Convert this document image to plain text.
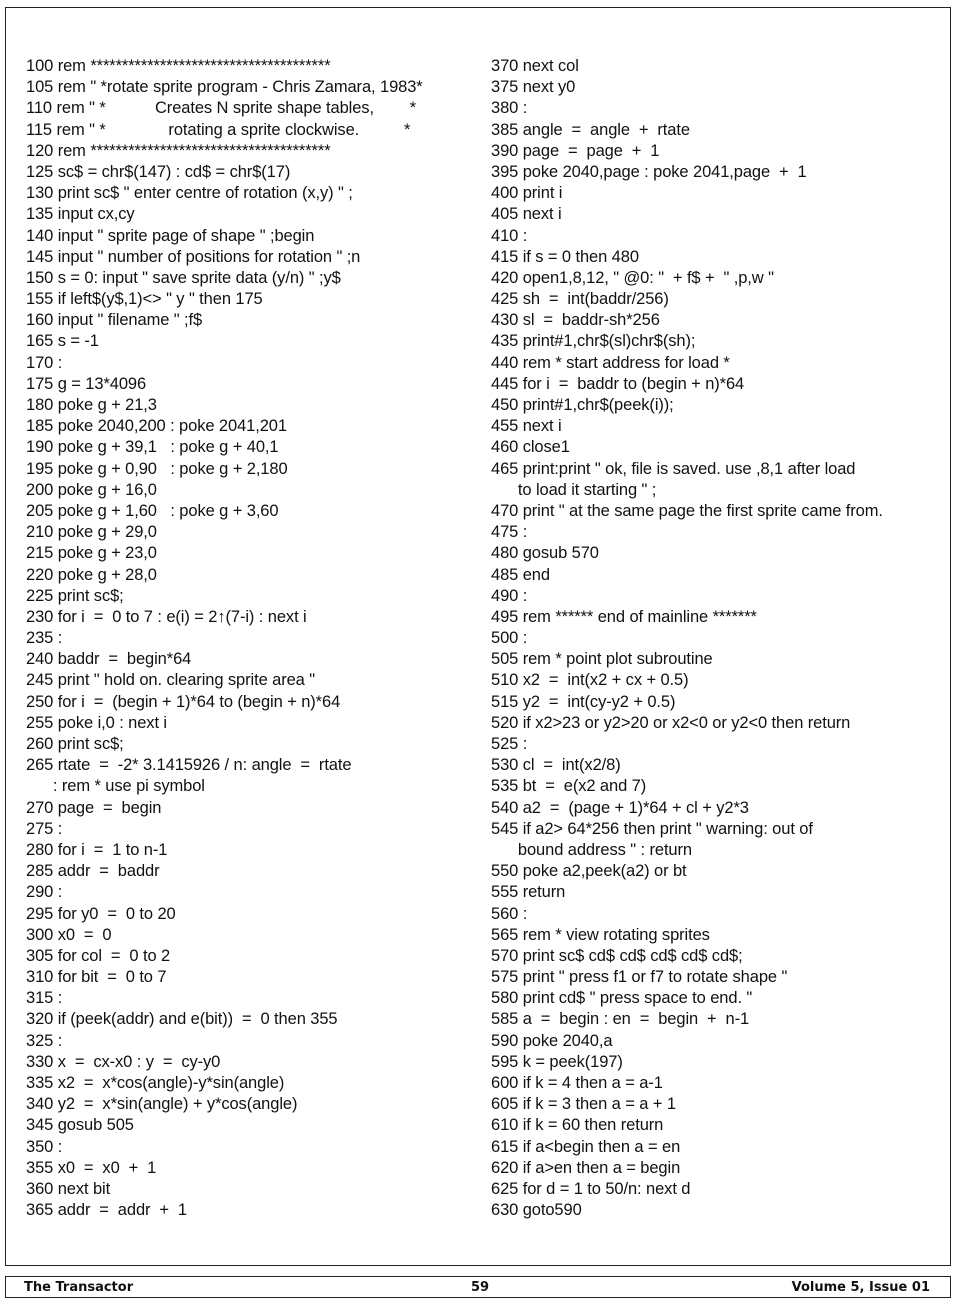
100 rem **************************************
105 rem " *rotate sprite program - Chris Zamara, 1983*
110 rem " *           Creates N sprite shape tables,        *
115 rem " *              rotating a sprite clockwise.          *
120 rem **************************************
125 sc$ = chr$(147) : cd$ = chr$(17)
130 print sc$ " enter centre of rotation (x,y) " ;
135 input cx,cy
140 input " sprite page of shape " ;begin
145 input " number of positions for rotation " ;n
150 s = 0: input " save sprite data (y/n) " ;y$
155 if left$(y$,1)<> " y " then 175
160 input " filename " ;f$
165 s = -1
170 :
175 g = 13*4096
180 poke g + 21,3
185 poke 2040,200 : poke 2041,201
190 poke g + 39,1   : poke g + 40,1
195 poke g + 0,90   : poke g + 2,180
200 poke g + 16,0
205 poke g + 1,60   : poke g + 3,60
210 poke g + 29,0
215 poke g + 23,0
220 poke g + 28,0
225 print sc$;
230 for i  =  0 to 7 : e(i) = 2↑(7-i) : next i
235 :
240 baddr  =  begin*64
245 print " hold on. clearing sprite area "
250 for i  =  (begin + 1)*64 to (begin + n)*64
255 poke i,0 : next i
260 print sc$;
265 rtate  =  -2* 3.1415926 / n: angle  =  rtate
: rem * use pi symbol
270 page  =  begin
275 :
280 for i  =  1 to n-1
285 addr  =  baddr
290 :
295 for y0  =  0 to 20
300 x0  =  0
305 for col  =  0 to 2
310 for bit  =  0 to 7
315 :
320 if (peek(addr) and e(bit))  =  0 then 355
325 :
330 x  =  cx-x0 : y  =  cy-y0
335 x2  =  x*cos(angle)-y*sin(angle)
340 y2  =  x*sin(angle) + y*cos(angle)
345 gosub 505
350 :
355 x0  =  x0  +  1
360 next bit
365 addr  =  addr  +  1
370 next col
375 next y0
380 :
385 angle  =  angle  +  rtate
390 page  =  page  +  1
395 poke 2040,page : poke 2041,page  +  1
400 print i
405 next i
410 :
415 if s = 0 then 480
420 open1,8,12, " @0: "  + f$ +  " ,p,w "
425 sh  =  int(baddr/256)
430 sl  =  baddr-sh*256
435 print#1,chr$(sl)chr$(sh);
440 rem * start address for load *
445 for i  =  baddr to (begin + n)*64
450 print#1,chr$(peek(i));
455 next i
460 close1
465 print:print " ok, file is saved. use ,8,1 after load
to load it starting " ;
470 print " at the same page the first sprite came from.
475 :
480 gosub 570
485 end
490 :
495 rem ****** end of mainline *******
500 :
505 rem * point plot subroutine
510 x2  =  int(x2 + cx + 0.5)
515 y2  =  int(cy-y2 + 0.5)
520 if x2>23 or y2>20 or x2<0 or y2<0 then return
525 :
530 cl  =  int(x2/8)
535 bt  =  e(x2 and 7)
540 a2  =  (page + 1)*64 + cl + y2*3
545 if a2> 64*256 then print " warning: out of
bound address " : return
550 poke a2,peek(a2) or bt
555 return
560 :
565 rem * view rotating sprites
570 print sc$ cd$ cd$ cd$ cd$ cd$;
575 print " press f1 or f7 to rotate shape "
580 print cd$ " press space to end. "
585 a  =  begin : en  =  begin  +  n-1
590 poke 2040,a
595 k = peek(197)
600 if k = 4 then a = a-1
605 if k = 3 then a = a + 1
610 if k = 60 then return
615 if a<begin then a = en
620 if a>en then a = begin
625 for d = 1 to 50/n: next d
630 goto590
The Transactor	59	Volume 5, Issue 01
